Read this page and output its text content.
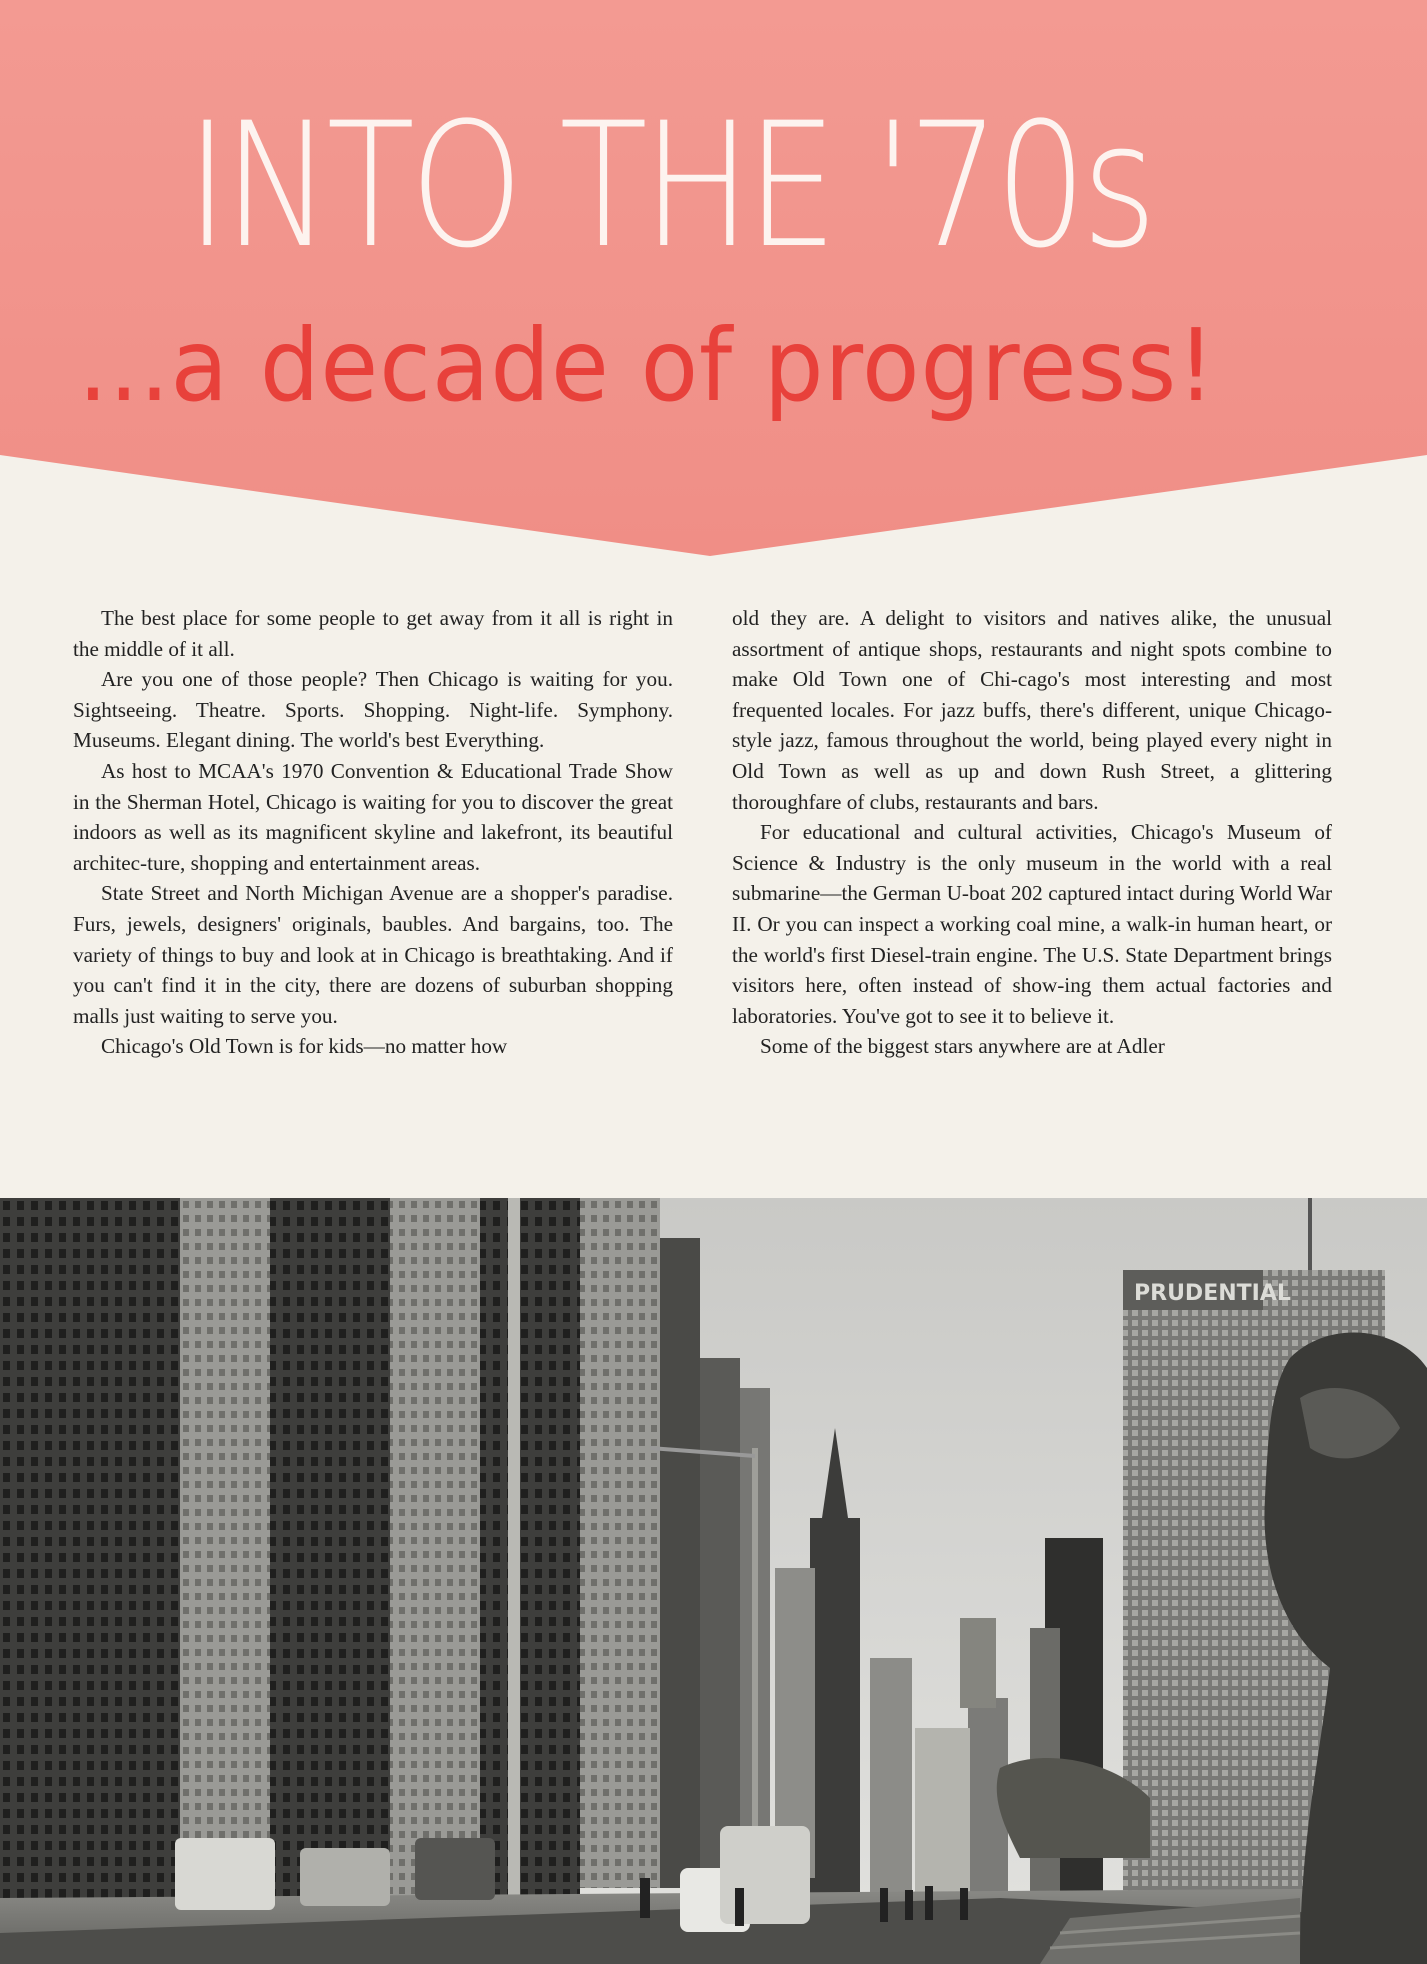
INTO THE '70s
...a decade of progress!

The best place for some people to get away from it all is right in the middle of it all.

Are you one of those people? Then Chicago is waiting for you. Sightseeing. Theatre. Sports. Shopping. Night-life. Symphony. Museums. Elegant dining. The world's best Everything.

As host to MCAA's 1970 Convention & Educational Trade Show in the Sherman Hotel, Chicago is waiting for you to discover the great indoors as well as its magnificent skyline and lakefront, its beautiful architec-ture, shopping and entertainment areas.

State Street and North Michigan Avenue are a shopper's paradise. Furs, jewels, designers' originals, baubles. And bargains, too. The variety of things to buy and look at in Chicago is breathtaking. And if you can't find it in the city, there are dozens of suburban shopping malls just waiting to serve you.

Chicago's Old Town is for kids—no matter how

old they are. A delight to visitors and natives alike, the unusual assortment of antique shops, restaurants and night spots combine to make Old Town one of Chi-cago's most interesting and most frequented locales. For jazz buffs, there's different, unique Chicago-style jazz, famous throughout the world, being played every night in Old Town as well as up and down Rush Street, a glittering thoroughfare of clubs, restaurants and bars.

For educational and cultural activities, Chicago's Museum of Science & Industry is the only museum in the world with a real submarine—the German U-boat 202 captured intact during World War II. Or you can inspect a working coal mine, a walk-in human heart, or the world's first Diesel-train engine. The U.S. State Department brings visitors here, often instead of show-ing them actual factories and laboratories. You've got to see it to believe it.

Some of the biggest stars anywhere are at Adler

PRUDENTIAL
